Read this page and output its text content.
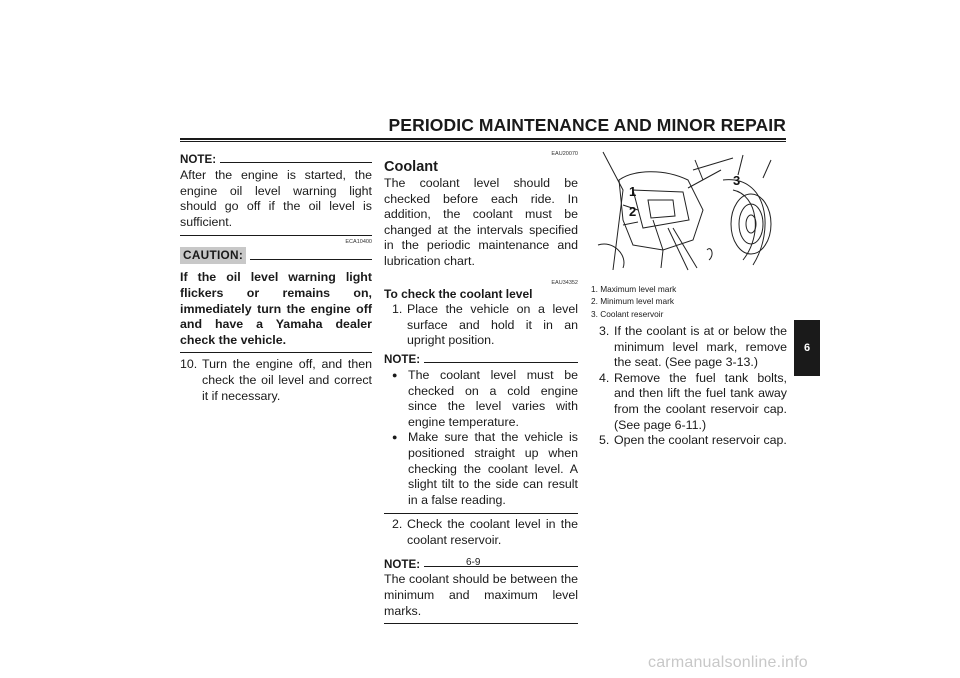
PERIODIC MAINTENANCE AND MINOR REPAIR
NOTE:
After the engine is started, the engine oil level warning light should go off if the oil level is sufficient.
ECA10400
CAUTION:
If the oil level warning light flickers or remains on, immediately turn the engine off and have a Yamaha dealer check the vehicle.
10. Turn the engine off, and then check the oil level and correct it if necessary.
EAU20070
Coolant
The coolant level should be checked before each ride. In addition, the coolant must be changed at the intervals specified in the periodic maintenance and lubrication chart.
EAU34352
To check the coolant level
1. Place the vehicle on a level surface and hold it in an upright position.
NOTE:
● The coolant level must be checked on a cold engine since the level varies with engine temperature.
● Make sure that the vehicle is positioned straight up when checking the coolant level. A slight tilt to the side can result in a false reading.
2. Check the coolant level in the coolant reservoir.
NOTE:
The coolant should be between the minimum and maximum level marks.
1
2
3
1. Maximum level mark
2. Minimum level mark
3. Coolant reservoir
3. If the coolant is at or below the minimum level mark, remove the seat. (See page 3-13.)
4. Remove the fuel tank bolts, and then lift the fuel tank away from the coolant reservoir cap. (See page 6-11.)
5. Open the coolant reservoir cap.
6-9
6
carmanualsonline.info
